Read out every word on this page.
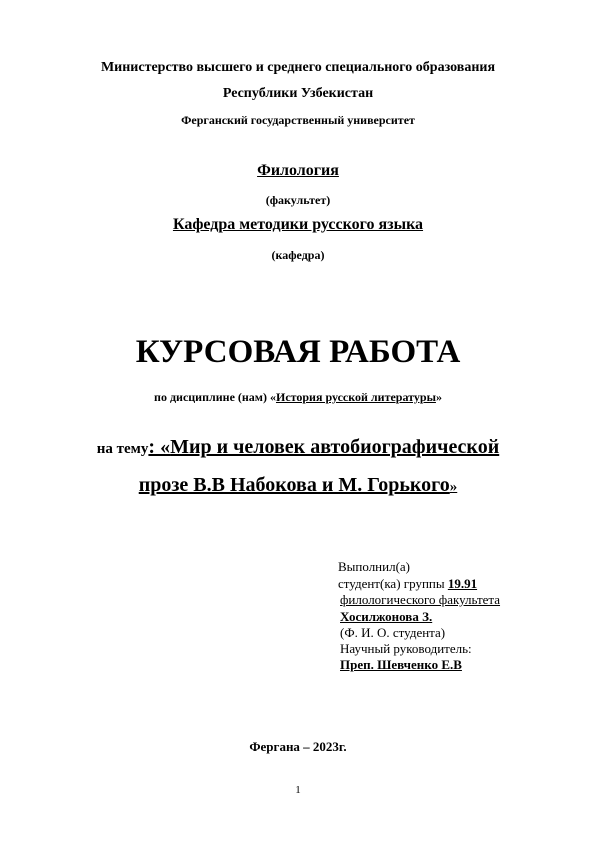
Министерство высшего и среднего специального образования
Республики Узбекистан
Ферганский государственный университет
Филология
(факультет)
Кафедра методики русского языка
(кафедра)
КУРСОВАЯ РАБОТА
по дисциплине (нам) «История русской литературы»
на тему: «Мир и человек автобиографической
прозе В.В Набокова и М. Горького»
Выполнил(а)
студент(ка) группы 19.91
филологического факультета
Хосилжонова З.
(Ф. И. О. студента)
Научный руководитель:
Преп. Шевченко Е.В
Фергана – 2023г.
1
